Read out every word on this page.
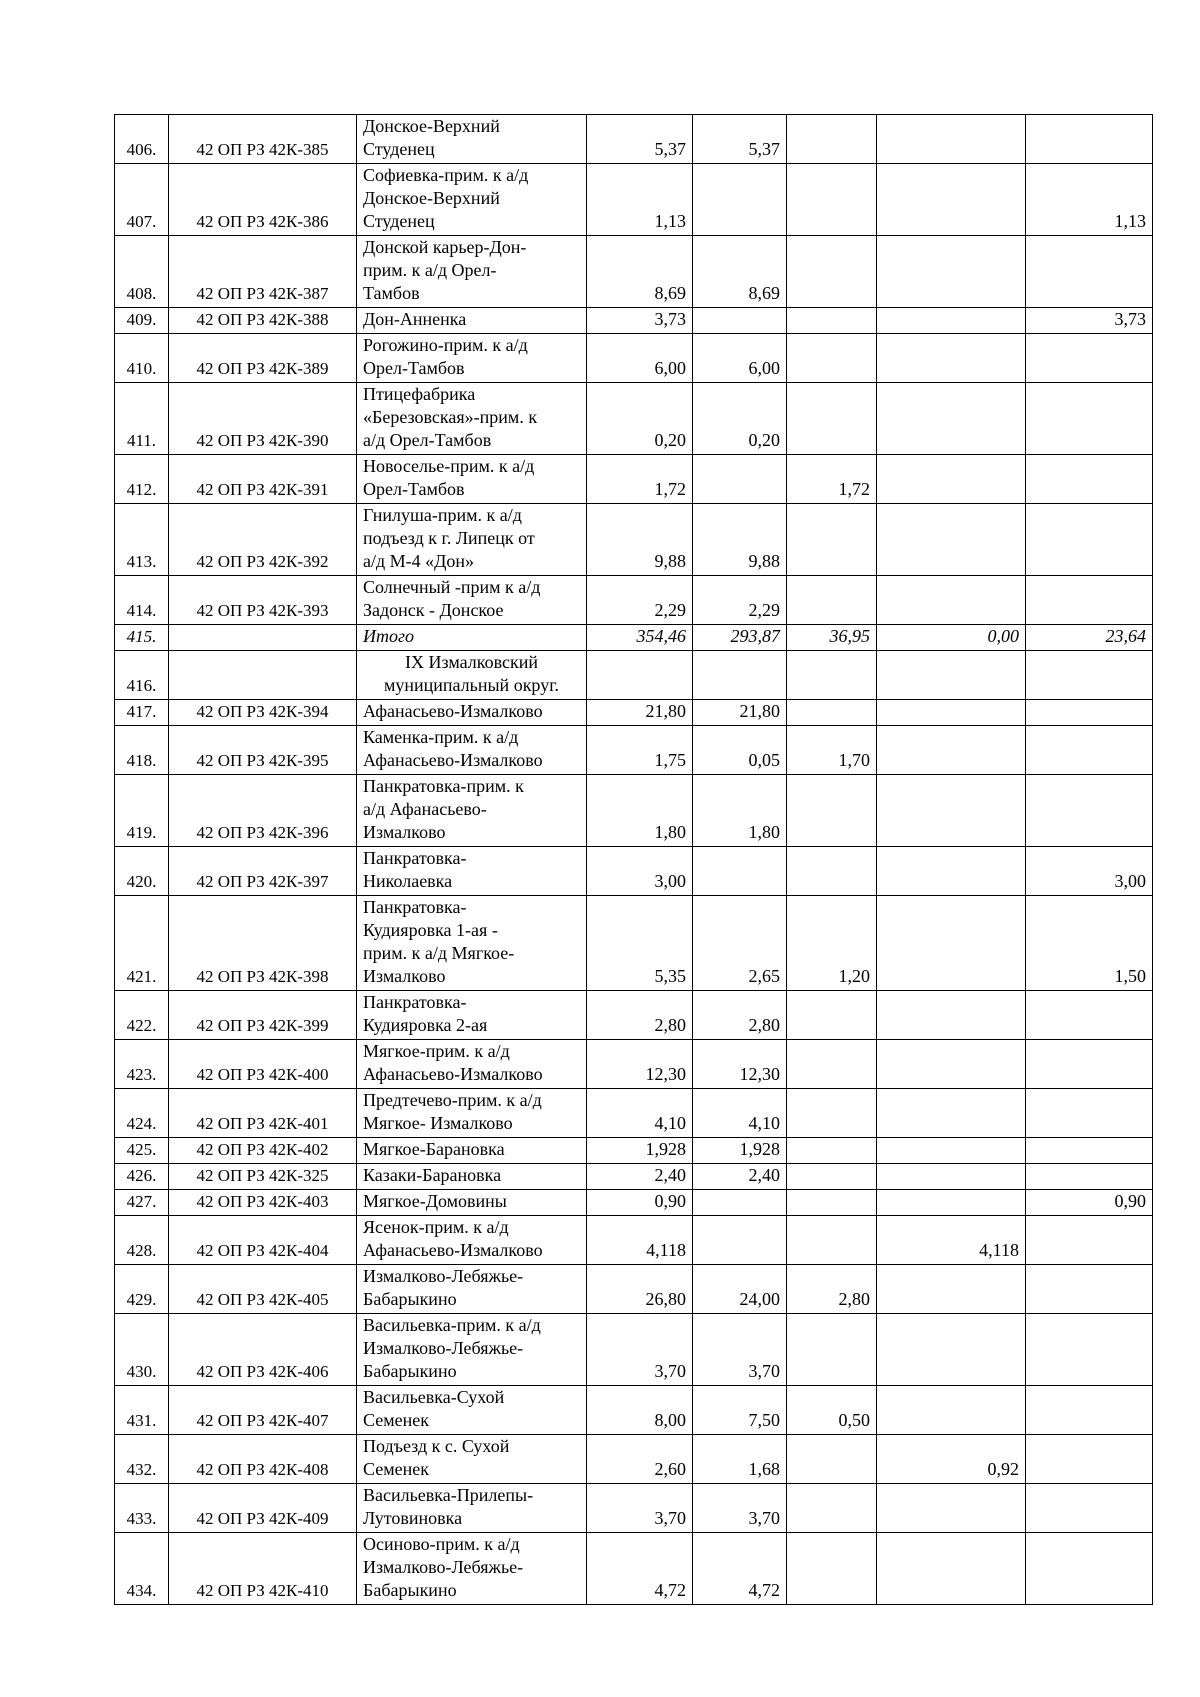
406.	42 ОП РЗ 42К-385	Донское-Верхний
Студенец	5,37	5,37			
407.	42 ОП РЗ 42К-386	Софиевка-прим. к а/д
Донское-Верхний
Студенец	1,13				1,13
408.	42 ОП РЗ 42К-387	Донской карьер-Дон-
прим. к а/д Орел-
Тамбов	8,69	8,69			
409.	42 ОП РЗ 42К-388	Дон-Анненка	3,73				3,73
410.	42 ОП РЗ 42К-389	Рогожино-прим. к а/д
Орел-Тамбов	6,00	6,00			
411.	42 ОП РЗ 42К-390	Птицефабрика
«Березовская»-прим. к
а/д Орел-Тамбов	0,20	0,20			
412.	42 ОП РЗ 42К-391	Новоселье-прим. к а/д
Орел-Тамбов	1,72		1,72		
413.	42 ОП РЗ 42К-392	Гнилуша-прим. к а/д
подъезд к г. Липецк от
а/д М-4 «Дон»	9,88	9,88			
414.	42 ОП РЗ 42К-393	Солнечный -прим к а/д
Задонск - Донское	2,29	2,29			
415.		Итого	354,46	293,87	36,95	0,00	23,64
416.		IX Измалковский
муниципальный округ.					
417.	42 ОП РЗ 42К-394	Афанасьево-Измалково	21,80	21,80			
418.	42 ОП РЗ 42К-395	Каменка-прим. к а/д
Афанасьево-Измалково	1,75	0,05	1,70		
419.	42 ОП РЗ 42К-396	Панкратовка-прим. к
а/д Афанасьево-
Измалково	1,80	1,80			
420.	42 ОП РЗ 42К-397	Панкратовка-
Николаевка	3,00				3,00
421.	42 ОП РЗ 42К-398	Панкратовка-
Кудияровка 1-ая -
прим. к а/д Мягкое-
Измалково	5,35	2,65	1,20		1,50
422.	42 ОП РЗ 42К-399	Панкратовка-
Кудияровка 2-ая	2,80	2,80			
423.	42 ОП РЗ 42К-400	Мягкое-прим. к а/д
Афанасьево-Измалково	12,30	12,30			
424.	42 ОП РЗ 42К-401	Предтечево-прим. к а/д
Мягкое- Измалково	4,10	4,10			
425.	42 ОП РЗ 42К-402	Мягкое-Барановка	1,928	1,928			
426.	42 ОП РЗ 42К-325	Казаки-Барановка	2,40	2,40			
427.	42 ОП РЗ 42К-403	Мягкое-Домовины	0,90				0,90
428.	42 ОП РЗ 42К-404	Ясенок-прим. к а/д
Афанасьево-Измалково	4,118			4,118	
429.	42 ОП РЗ 42К-405	Измалково-Лебяжье-
Бабарыкино	26,80	24,00	2,80		
430.	42 ОП РЗ 42К-406	Васильевка-прим. к а/д
Измалково-Лебяжье-
Бабарыкино	3,70	3,70			
431.	42 ОП РЗ 42К-407	Васильевка-Сухой
Семенек	8,00	7,50	0,50		
432.	42 ОП РЗ 42К-408	Подъезд к с. Сухой
Семенек	2,60	1,68		0,92	
433.	42 ОП РЗ 42К-409	Васильевка-Прилепы-
Лутовиновка	3,70	3,70			
434.	42 ОП РЗ 42К-410	Осиново-прим. к а/д
Измалково-Лебяжье-
Бабарыкино	4,72	4,72			
